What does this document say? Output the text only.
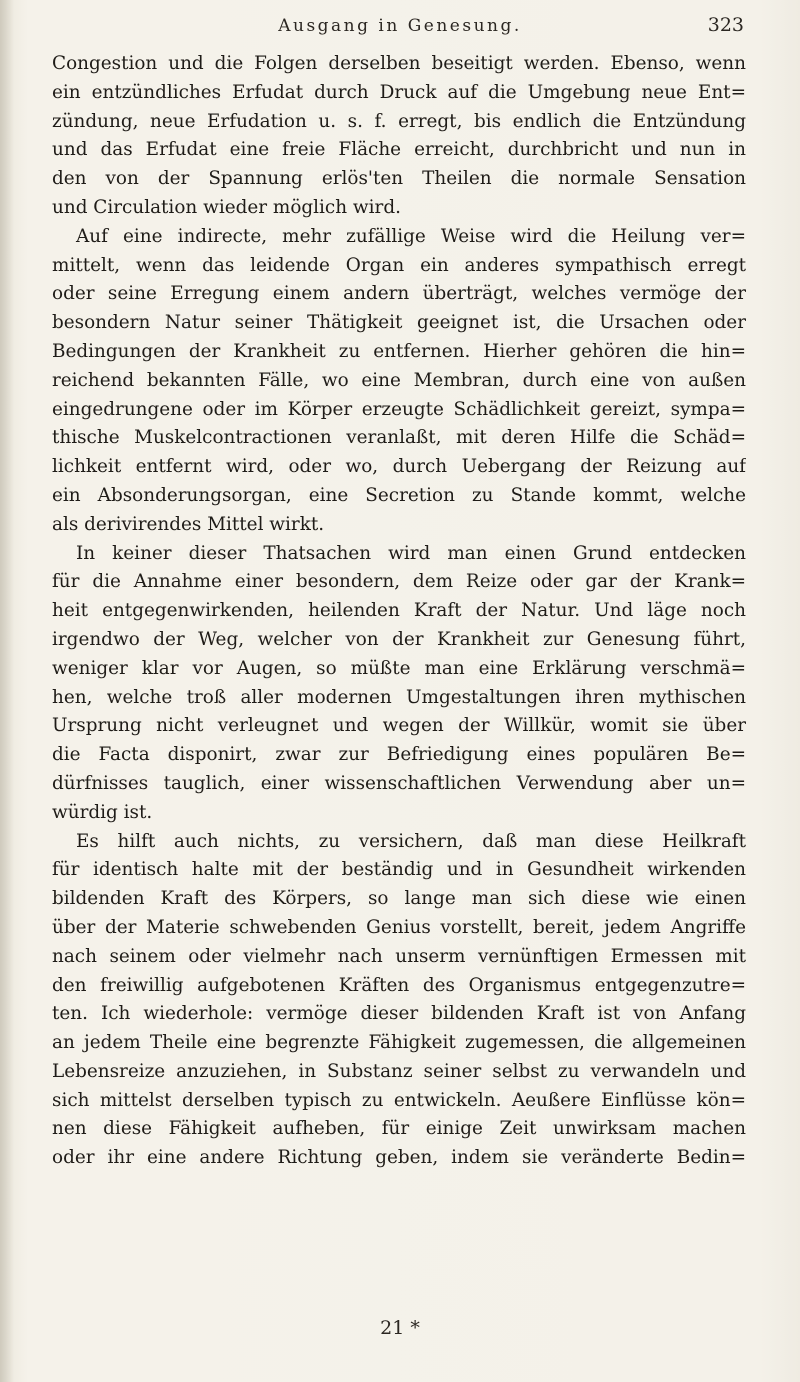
Ausgang in Genesung.	323
Congestion und die Folgen derselben beseitigt werden. Ebenso, wenn
ein entzündliches Erfudat durch Druck auf die Umgebung neue Ent=
zündung, neue Erfudation u. s. f. erregt, bis endlich die Entzündung
und das Erfudat eine freie Fläche erreicht, durchbricht und nun in
den von der Spannung erlös'ten Theilen die normale Sensation
und Circulation wieder möglich wird.
Auf eine indirecte, mehr zufällige Weise wird die Heilung ver=
mittelt, wenn das leidende Organ ein anderes sympathisch erregt
oder seine Erregung einem andern überträgt, welches vermöge der
besondern Natur seiner Thätigkeit geeignet ist, die Ursachen oder
Bedingungen der Krankheit zu entfernen. Hierher gehören die hin=
reichend bekannten Fälle, wo eine Membran, durch eine von außen
eingedrungene oder im Körper erzeugte Schädlichkeit gereizt, sympa=
thische Muskelcontractionen veranlaßt, mit deren Hilfe die Schäd=
lichkeit entfernt wird, oder wo, durch Uebergang der Reizung auf
ein Absonderungsorgan, eine Secretion zu Stande kommt, welche
als derivirendes Mittel wirkt.
In keiner dieser Thatsachen wird man einen Grund entdecken
für die Annahme einer besondern, dem Reize oder gar der Krank=
heit entgegenwirkenden, heilenden Kraft der Natur. Und läge noch
irgendwo der Weg, welcher von der Krankheit zur Genesung führt,
weniger klar vor Augen, so müßte man eine Erklärung verschmä=
hen, welche troß aller modernen Umgestaltungen ihren mythischen
Ursprung nicht verleugnet und wegen der Willkür, womit sie über
die Facta disponirt, zwar zur Befriedigung eines populären Be=
dürfnisses tauglich, einer wissenschaftlichen Verwendung aber un=
würdig ist.
Es hilft auch nichts, zu versichern, daß man diese Heilkraft
für identisch halte mit der beständig und in Gesundheit wirkenden
bildenden Kraft des Körpers, so lange man sich diese wie einen
über der Materie schwebenden Genius vorstellt, bereit, jedem Angriffe
nach seinem oder vielmehr nach unserm vernünftigen Ermessen mit
den freiwillig aufgebotenen Kräften des Organismus entgegenzutre=
ten. Ich wiederhole: vermöge dieser bildenden Kraft ist von Anfang
an jedem Theile eine begrenzte Fähigkeit zugemessen, die allgemeinen
Lebensreize anzuziehen, in Substanz seiner selbst zu verwandeln und
sich mittelst derselben typisch zu entwickeln. Aeußere Einflüsse kön=
nen diese Fähigkeit aufheben, für einige Zeit unwirksam machen
oder ihr eine andere Richtung geben, indem sie veränderte Bedin=
21 *
